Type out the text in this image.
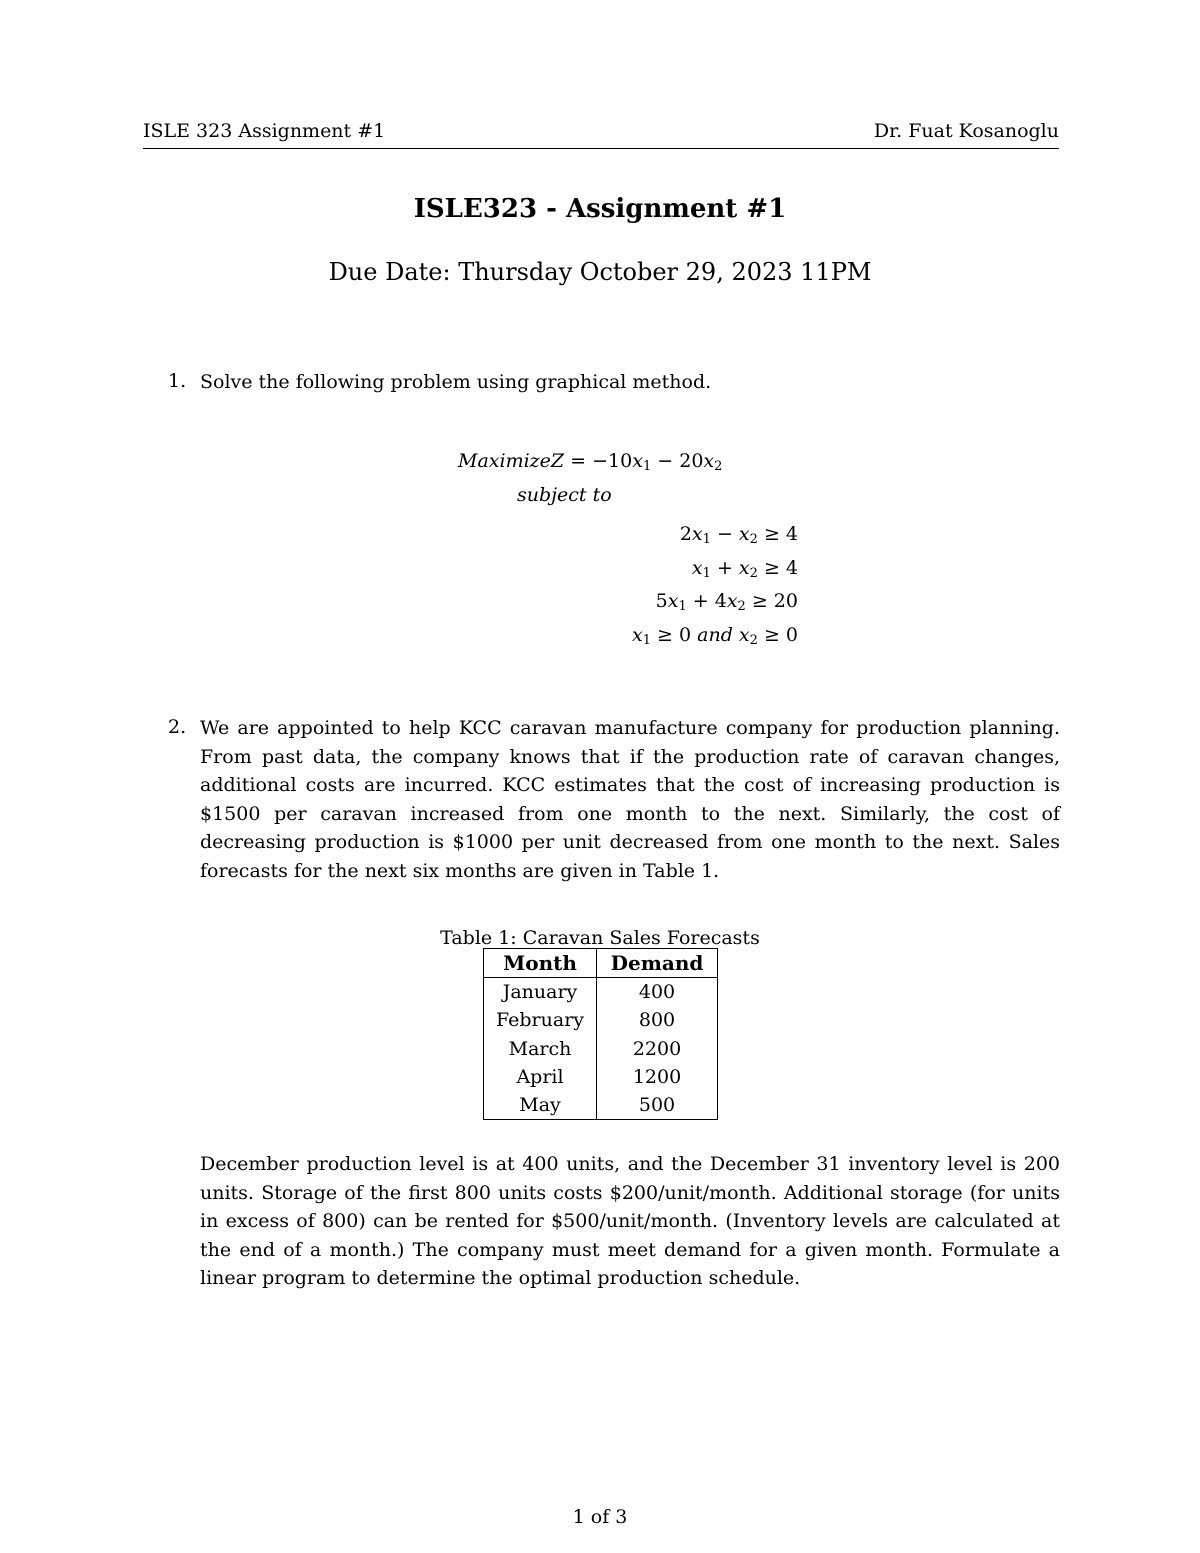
ISLE 323 Assignment #1	Dr. Fuat Kosanoglu
ISLE323 - Assignment #1
Due Date: Thursday October 29, 2023 11PM
1. Solve the following problem using graphical method.
MaximizeZ = $-10x_1 - 20x_2$
subject to
$2x_1 - x_2 \ge 4$
$x_1 + x_2 \ge 4$
$5x_1 + 4x_2 \ge 20$
$x_1 \ge 0$ and $x_2 \ge 0$
2. We are appointed to help KCC caravan manufacture company for production planning. From past data, the company knows that if the production rate of caravan changes, additional costs are incurred. KCC estimates that the cost of increasing production is $1500 per caravan increased from one month to the next. Similarly, the cost of decreasing production is $1000 per unit decreased from one month to the next. Sales forecasts for the next six months are given in Table 1.
Table 1: Caravan Sales Forecasts
Month	Demand
January	400
February	800
March	2200
April	1200
May	500
December production level is at 400 units, and the December 31 inventory level is 200 units. Storage of the first 800 units costs $200/unit/month. Additional storage (for units in excess of 800) can be rented for $500/unit/month. (Inventory levels are calculated at the end of a month.) The company must meet demand for a given month. Formulate a linear program to determine the optimal production schedule.
1 of 3
